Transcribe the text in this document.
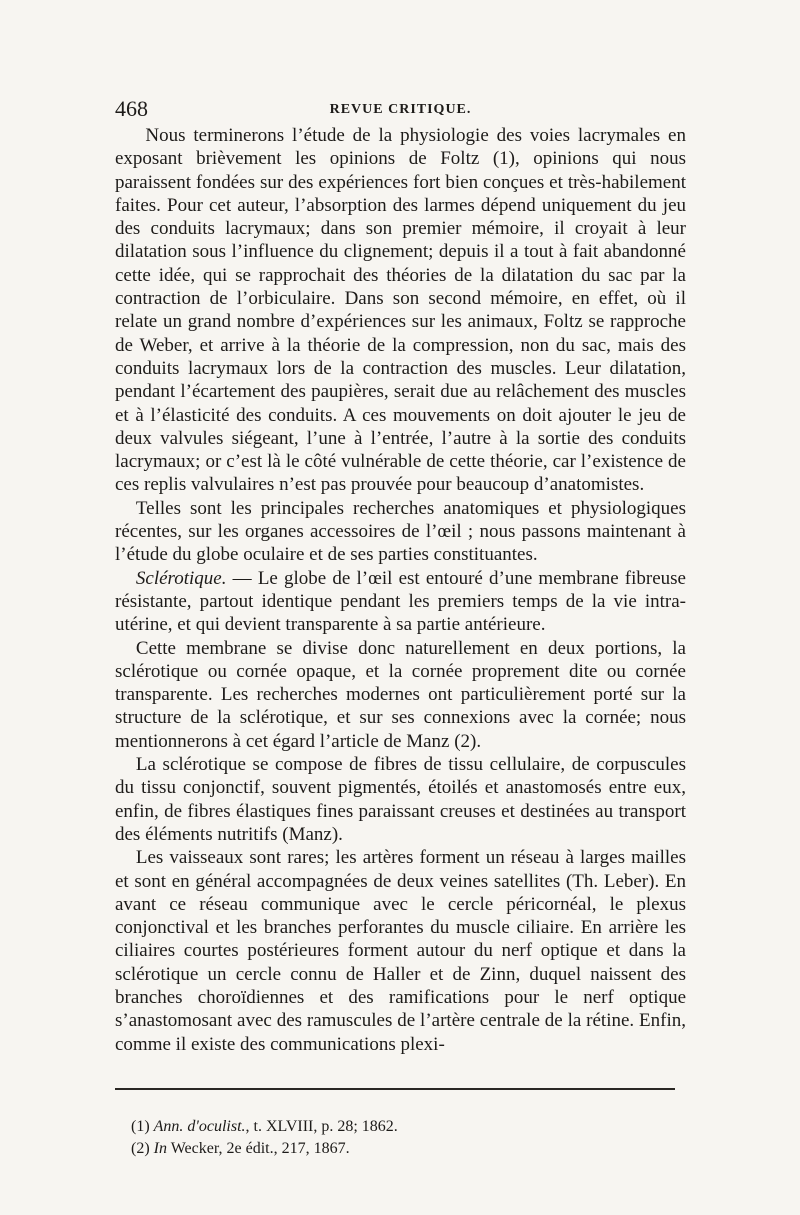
468	REVUE CRITIQUE.

Nous terminerons l’étude de la physiologie des voies lacrymales en exposant brièvement les opinions de Foltz (1), opinions qui nous paraissent fondées sur des expériences fort bien conçues et très-habilement faites. Pour cet auteur, l’absorption des larmes dépend uniquement du jeu des conduits lacrymaux; dans son premier mémoire, il croyait à leur dilatation sous l’influence du clignement; depuis il a tout à fait abandonné cette idée, qui se rapprochait des théories de la dilatation du sac par la contraction de l’orbiculaire. Dans son second mémoire, en effet, où il relate un grand nombre d’expériences sur les animaux, Foltz se rapproche de Weber, et arrive à la théorie de la compression, non du sac, mais des conduits lacrymaux lors de la contraction des muscles. Leur dilatation, pendant l’écartement des paupières, serait due au relâchement des muscles et à l’élasticité des conduits. A ces mouvements on doit ajouter le jeu de deux valvules siégeant, l’une à l’entrée, l’autre à la sortie des conduits lacrymaux; or c’est là le côté vulnérable de cette théorie, car l’existence de ces replis valvulaires n’est pas prouvée pour beaucoup d’anatomistes.

Telles sont les principales recherches anatomiques et physiologiques récentes, sur les organes accessoires de l’œil ; nous passons maintenant à l’étude du globe oculaire et de ses parties constituantes.

Sclérotique. — Le globe de l’œil est entouré d’une membrane fibreuse résistante, partout identique pendant les premiers temps de la vie intra-utérine, et qui devient transparente à sa partie antérieure.

Cette membrane se divise donc naturellement en deux portions, la sclérotique ou cornée opaque, et la cornée proprement dite ou cornée transparente. Les recherches modernes ont particulièrement porté sur la structure de la sclérotique, et sur ses connexions avec la cornée; nous mentionnerons à cet égard l’article de Manz (2).

La sclérotique se compose de fibres de tissu cellulaire, de corpuscules du tissu conjonctif, souvent pigmentés, étoilés et anastomosés entre eux, enfin, de fibres élastiques fines paraissant creuses et destinées au transport des éléments nutritifs (Manz).

Les vaisseaux sont rares; les artères forment un réseau à larges mailles et sont en général accompagnées de deux veines satellites (Th. Leber). En avant ce réseau communique avec le cercle péricornéal, le plexus conjonctival et les branches perforantes du muscle ciliaire. En arrière les ciliaires courtes postérieures forment autour du nerf optique et dans la sclérotique un cercle connu de Haller et de Zinn, duquel naissent des branches choroïdiennes et des ramifications pour le nerf optique s’anastomosant avec des ramuscules de l’artère centrale de la rétine. Enfin, comme il existe des communications plexi-

(1) Ann. d'oculist., t. XLVIII, p. 28; 1862.
(2) In Wecker, 2e édit., 217, 1867.
